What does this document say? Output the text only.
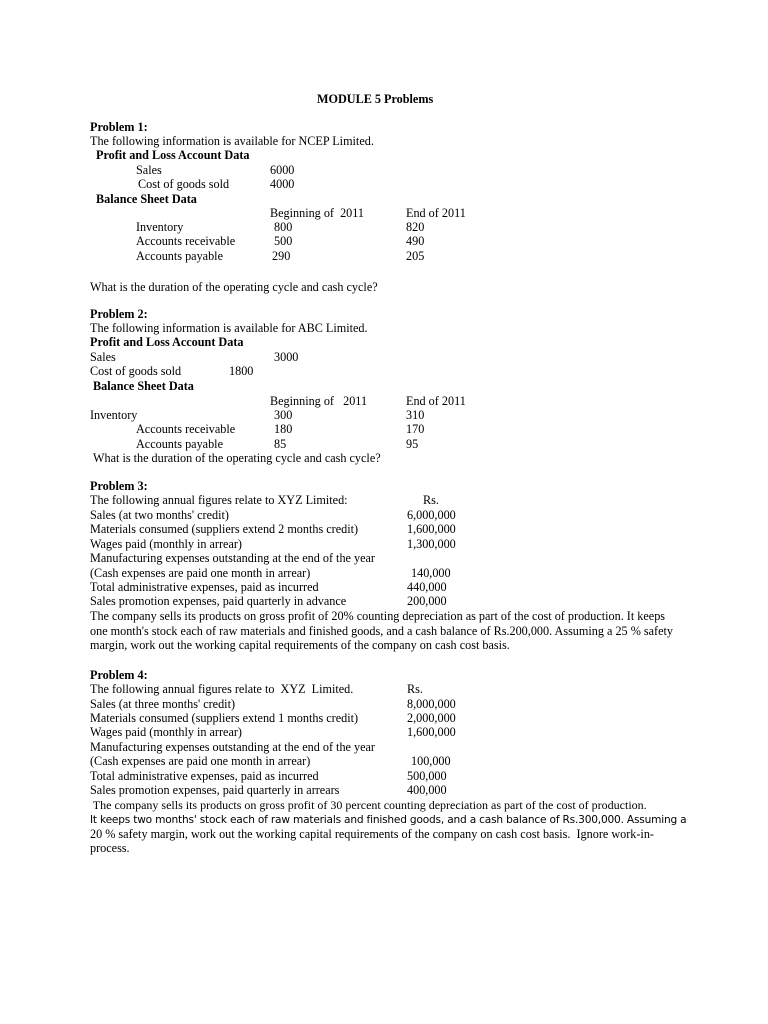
MODULE 5 Problems
Problem 1:
The following information is available for NCEP Limited.
Profit and Loss Account Data
Sales	6000
Cost of goods sold	4000
Balance Sheet Data
Beginning of  2011	End of 2011
Inventory	800	820
Accounts receivable	500	490
Accounts payable	290	205
What is the duration of the operating cycle and cash cycle?
Problem 2:
The following information is available for ABC Limited.
Profit and Loss Account Data
Sales	3000
Cost of goods sold	1800
Balance Sheet Data
Beginning of   2011	End of 2011
Inventory	300	310
Accounts receivable	180	170
Accounts payable	85	95
What is the duration of the operating cycle and cash cycle?
Problem 3:
The following annual figures relate to XYZ Limited:	Rs.
Sales (at two months' credit)	6,000,000
Materials consumed (suppliers extend 2 months credit)	1,600,000
Wages paid (monthly in arrear)	1,300,000
Manufacturing expenses outstanding at the end of the year
(Cash expenses are paid one month in arrear)	140,000
Total administrative expenses, paid as incurred	440,000
Sales promotion expenses, paid quarterly in advance	200,000
The company sells its products on gross profit of 20% counting depreciation as part of the cost of production. It keeps one month's stock each of raw materials and finished goods, and a cash balance of Rs.200,000. Assuming a 25 % safety margin, work out the working capital requirements of the company on cash cost basis.
Problem 4:
The following annual figures relate to  XYZ  Limited.	Rs.
Sales (at three months' credit)	8,000,000
Materials consumed (suppliers extend 1 months credit)	2,000,000
Wages paid (monthly in arrear)	1,600,000
Manufacturing expenses outstanding at the end of the year
(Cash expenses are paid one month in arrear)	100,000
Total administrative expenses, paid as incurred	500,000
Sales promotion expenses, paid quarterly in arrears	400,000
The company sells its products on gross profit of 30 percent counting depreciation as part of the cost of production.
It keeps two months' stock each of raw materials and finished goods, and a cash balance of Rs.300,000. Assuming a
20 % safety margin, work out the working capital requirements of the company on cash cost basis.  Ignore work-in-
process.
